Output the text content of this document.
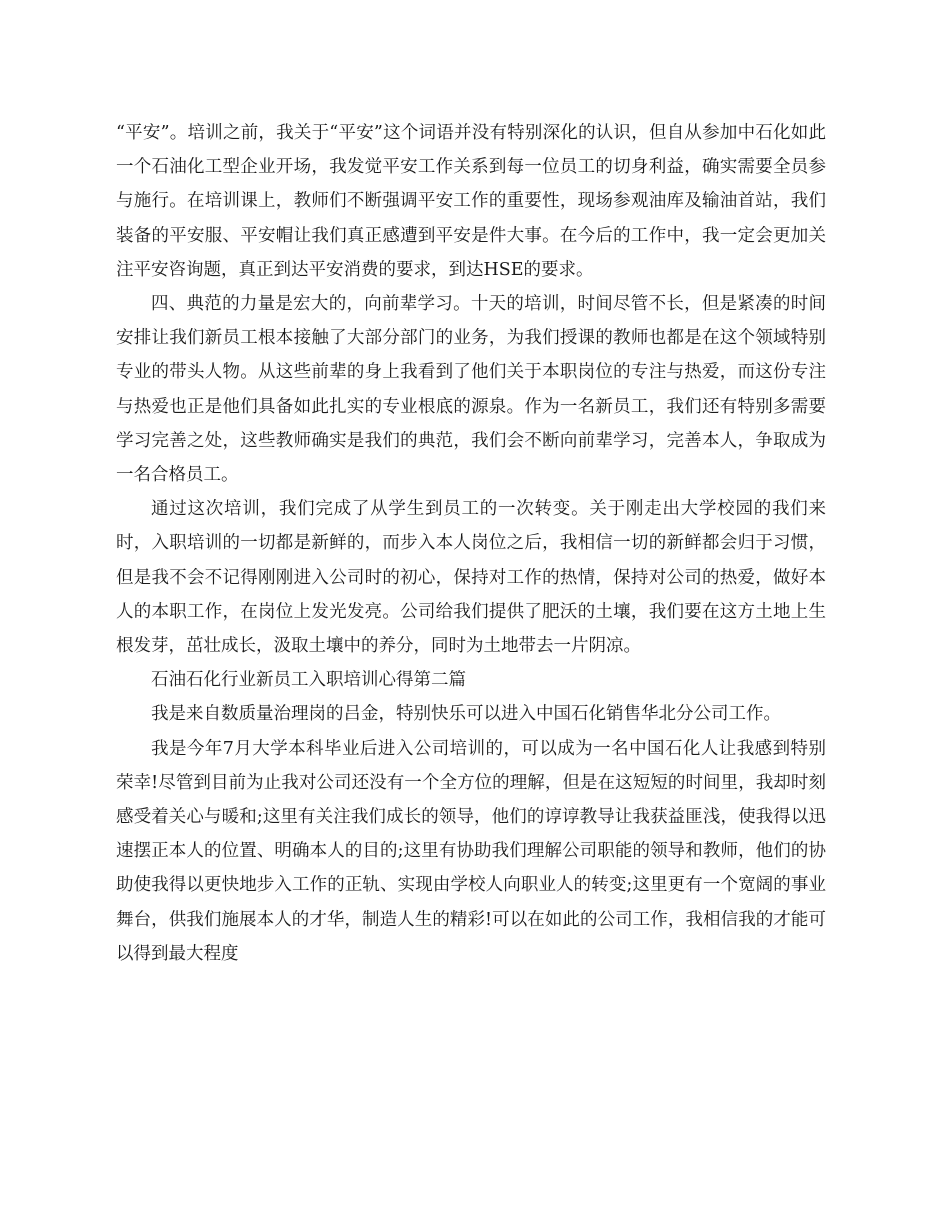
“平安”。培训之前，我关于“平安”这个词语并没有特别深化的认识，但自从参加中石化如此一个石油化工型企业开场，我发觉平安工作关系到每一位员工的切身利益，确实需要全员参与施行。在培训课上，教师们不断强调平安工作的重要性，现场参观油库及输油首站，我们装备的平安服、平安帽让我们真正感遭到平安是件大事。在今后的工作中，我一定会更加关注平安咨询题，真正到达平安消费的要求，到达HSE的要求。

四、典范的力量是宏大的，向前辈学习。十天的培训，时间尽管不长，但是紧凑的时间安排让我们新员工根本接触了大部分部门的业务，为我们授课的教师也都是在这个领域特别专业的带头人物。从这些前辈的身上我看到了他们关于本职岗位的专注与热爱，而这份专注与热爱也正是他们具备如此扎实的专业根底的源泉。作为一名新员工，我们还有特别多需要学习完善之处，这些教师确实是我们的典范，我们会不断向前辈学习，完善本人，争取成为一名合格员工。

通过这次培训，我们完成了从学生到员工的一次转变。关于刚走出大学校园的我们来时，入职培训的一切都是新鲜的，而步入本人岗位之后，我相信一切的新鲜都会归于习惯，但是我不会不记得刚刚进入公司时的初心，保持对工作的热情，保持对公司的热爱，做好本人的本职工作，在岗位上发光发亮。公司给我们提供了肥沃的土壤，我们要在这方土地上生根发芽，茁壮成长，汲取土壤中的养分，同时为土地带去一片阴凉。

石油石化行业新员工入职培训心得第二篇

我是来自数质量治理岗的吕金，特别快乐可以进入中国石化销售华北分公司工作。

我是今年7月大学本科毕业后进入公司培训的，可以成为一名中国石化人让我感到特别荣幸!尽管到目前为止我对公司还没有一个全方位的理解，但是在这短短的时间里，我却时刻感受着关心与暖和;这里有关注我们成长的领导，他们的谆谆教导让我获益匪浅，使我得以迅速摆正本人的位置、明确本人的目的;这里有协助我们理解公司职能的领导和教师，他们的协助使我得以更快地步入工作的正轨、实现由学校人向职业人的转变;这里更有一个宽阔的事业舞台，供我们施展本人的才华，制造人生的精彩!可以在如此的公司工作，我相信我的才能可以得到最大程度
